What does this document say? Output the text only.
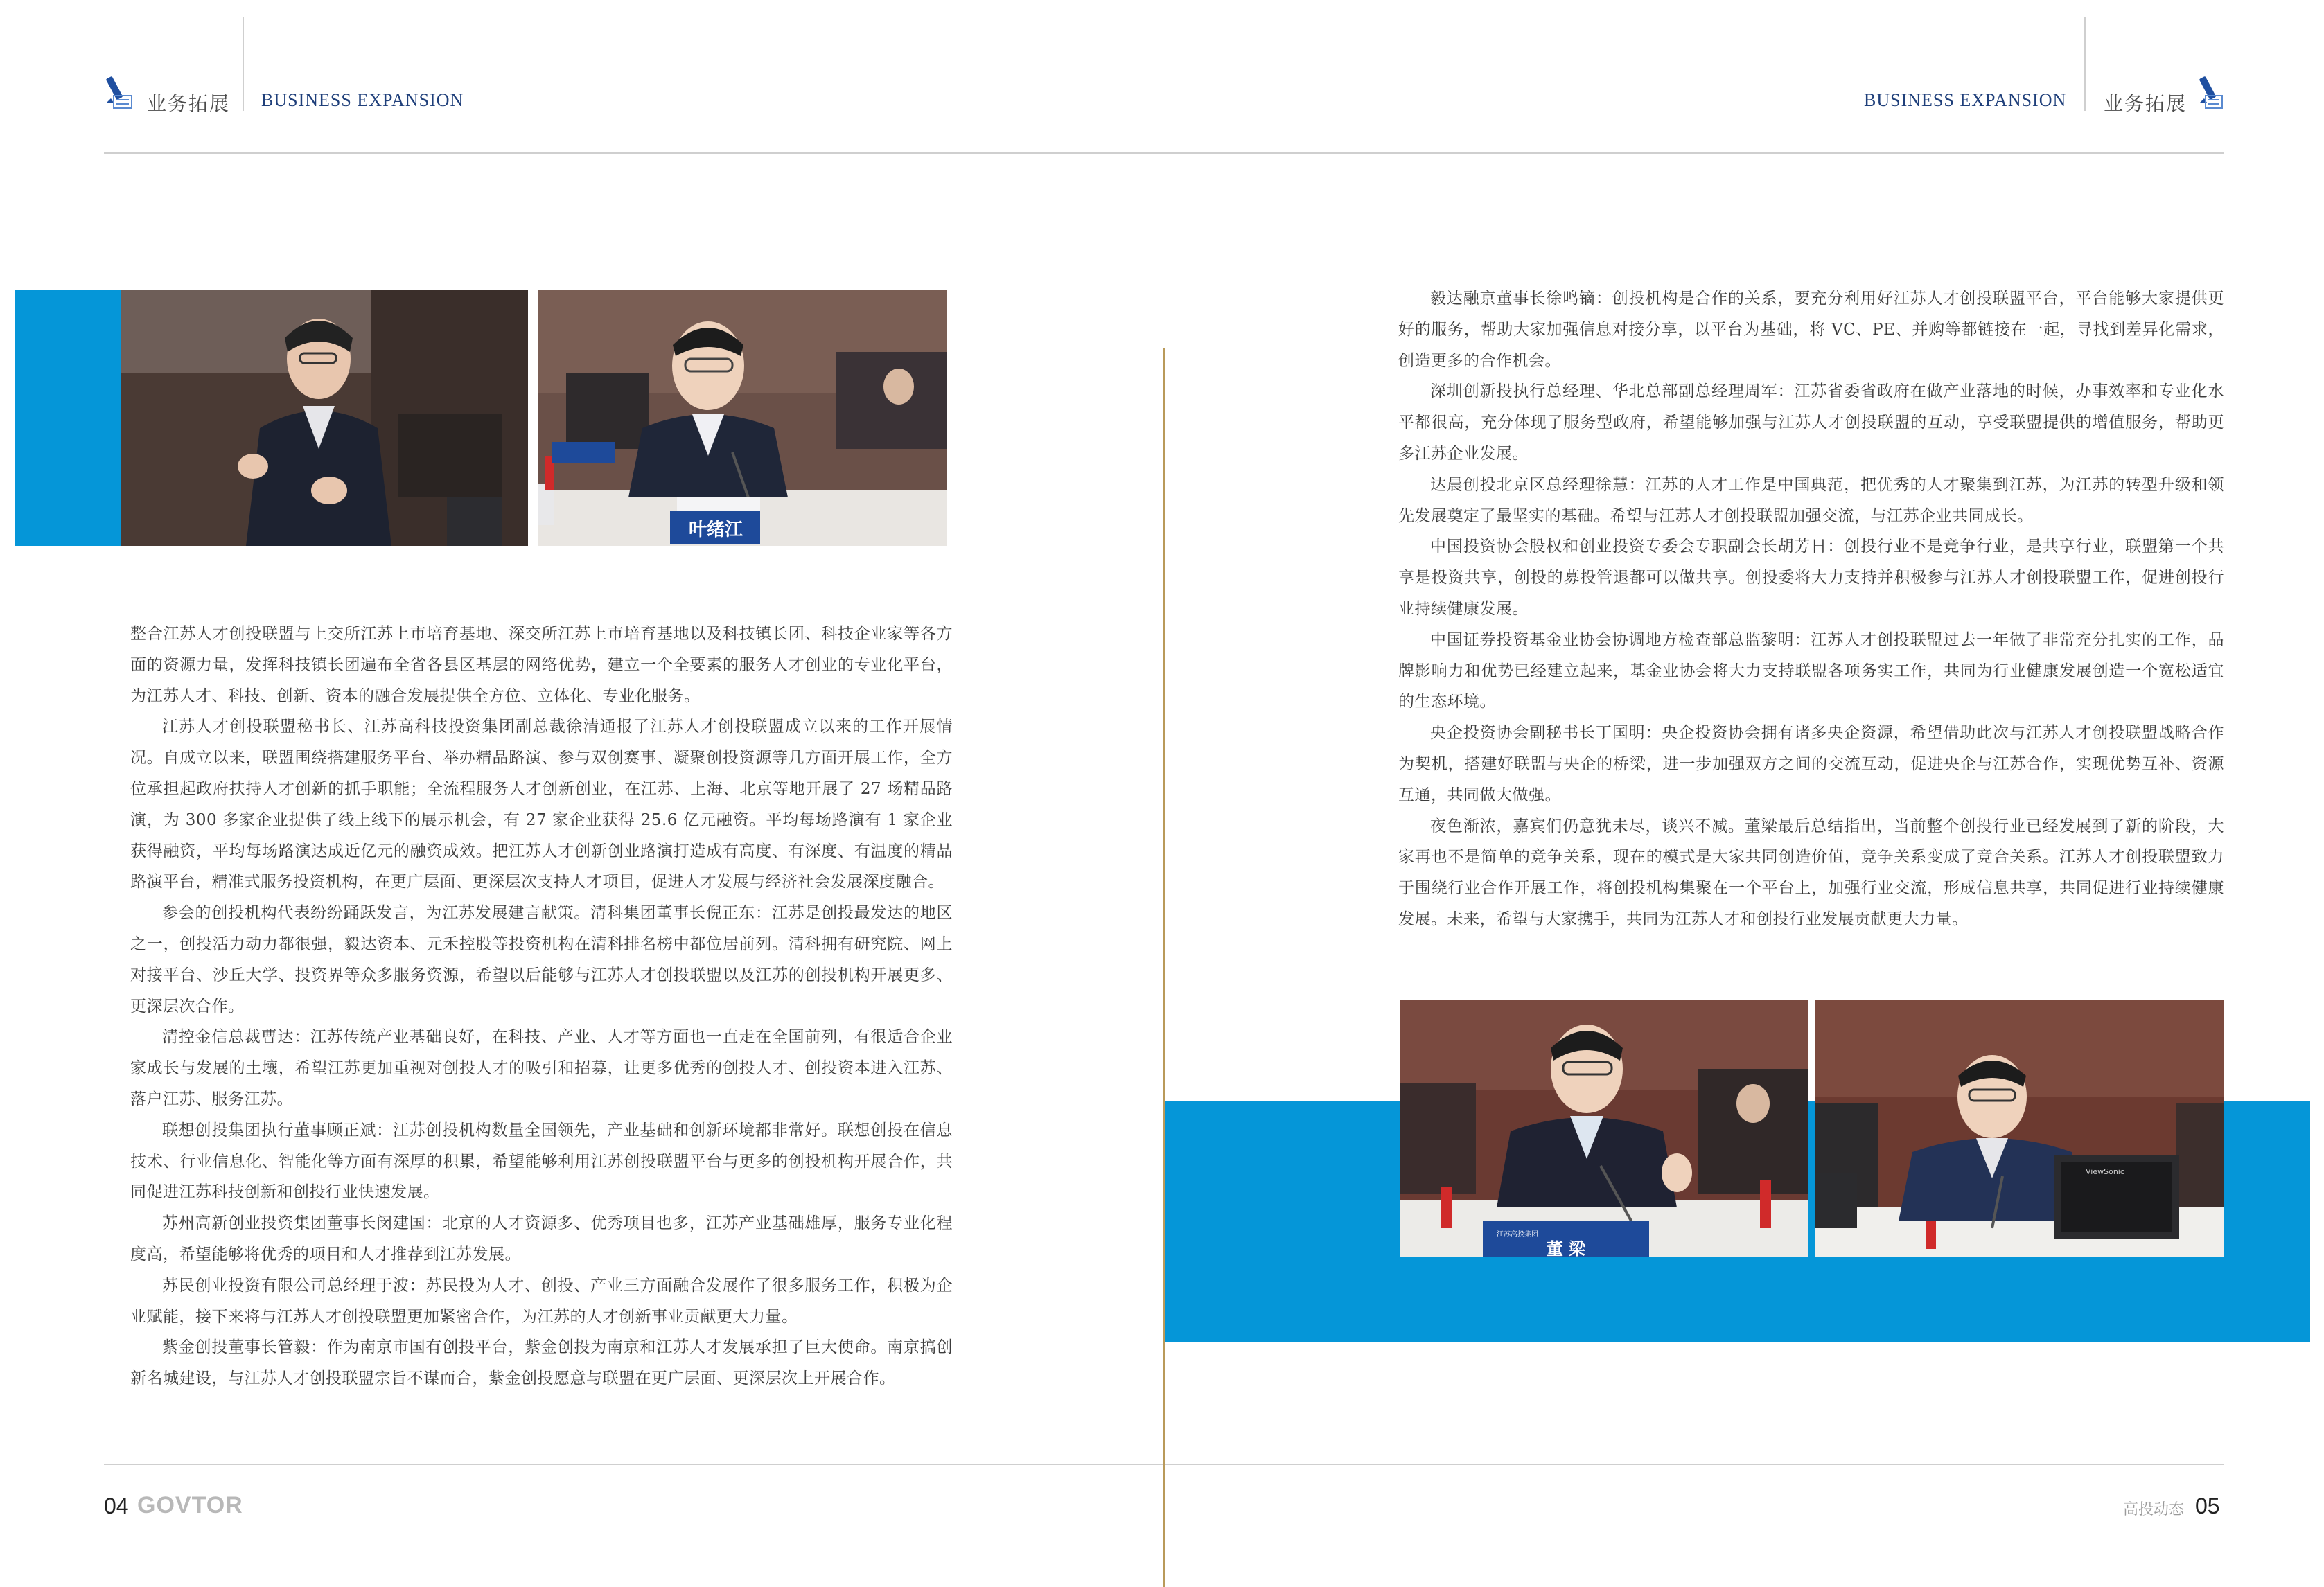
业务拓展 BUSINESS EXPANSION	BUSINESS EXPANSION 业务拓展
叶绪江

整合江苏人才创投联盟与上交所江苏上市培育基地、深交所江苏上市培育基地以及科技镇长团、科技企业家等各方面的资源力量，发挥科技镇长团遍布全省各县区基层的网络优势，建立一个全要素的服务人才创业的专业化平台，为江苏人才、科技、创新、资本的融合发展提供全方位、立体化、专业化服务。

江苏人才创投联盟秘书长、江苏高科技投资集团副总裁徐清通报了江苏人才创投联盟成立以来的工作开展情况。自成立以来，联盟围绕搭建服务平台、举办精品路演、参与双创赛事、凝聚创投资源等几方面开展工作，全方位承担起政府扶持人才创新的抓手职能；全流程服务人才创新创业，在江苏、上海、北京等地开展了 27 场精品路演，为 300 多家企业提供了线上线下的展示机会，有 27 家企业获得 25.6 亿元融资。平均每场路演有 1 家企业获得融资，平均每场路演达成近亿元的融资成效。把江苏人才创新创业路演打造成有高度、有深度、有温度的精品路演平台，精准式服务投资机构，在更广层面、更深层次支持人才项目，促进人才发展与经济社会发展深度融合。

参会的创投机构代表纷纷踊跃发言，为江苏发展建言献策。清科集团董事长倪正东：江苏是创投最发达的地区之一，创投活力动力都很强，毅达资本、元禾控股等投资机构在清科排名榜中都位居前列。清科拥有研究院、网上对接平台、沙丘大学、投资界等众多服务资源，希望以后能够与江苏人才创投联盟以及江苏的创投机构开展更多、更深层次合作。

清控金信总裁曹达：江苏传统产业基础良好，在科技、产业、人才等方面也一直走在全国前列，有很适合企业家成长与发展的土壤，希望江苏更加重视对创投人才的吸引和招募，让更多优秀的创投人才、创投资本进入江苏、落户江苏、服务江苏。

联想创投集团执行董事顾正斌：江苏创投机构数量全国领先，产业基础和创新环境都非常好。联想创投在信息技术、行业信息化、智能化等方面有深厚的积累，希望能够利用江苏创投联盟平台与更多的创投机构开展合作，共同促进江苏科技创新和创投行业快速发展。

苏州高新创业投资集团董事长闵建国：北京的人才资源多、优秀项目也多，江苏产业基础雄厚，服务专业化程度高，希望能够将优秀的项目和人才推荐到江苏发展。

苏民创业投资有限公司总经理于波：苏民投为人才、创投、产业三方面融合发展作了很多服务工作，积极为企业赋能，接下来将与江苏人才创投联盟更加紧密合作，为江苏的人才创新事业贡献更大力量。

紫金创投董事长管毅：作为南京市国有创投平台，紫金创投为南京和江苏人才发展承担了巨大使命。南京搞创新名城建设，与江苏人才创投联盟宗旨不谋而合，紫金创投愿意与联盟在更广层面、更深层次上开展合作。

毅达融京董事长徐鸣镝：创投机构是合作的关系，要充分利用好江苏人才创投联盟平台，平台能够大家提供更好的服务，帮助大家加强信息对接分享，以平台为基础，将 VC、PE、并购等都链接在一起，寻找到差异化需求，创造更多的合作机会。

深圳创新投执行总经理、华北总部副总经理周军：江苏省委省政府在做产业落地的时候，办事效率和专业化水平都很高，充分体现了服务型政府，希望能够加强与江苏人才创投联盟的互动，享受联盟提供的增值服务，帮助更多江苏企业发展。

达晨创投北京区总经理徐慧：江苏的人才工作是中国典范，把优秀的人才聚集到江苏，为江苏的转型升级和领先发展奠定了最坚实的基础。希望与江苏人才创投联盟加强交流，与江苏企业共同成长。

中国投资协会股权和创业投资专委会专职副会长胡芳日：创投行业不是竞争行业，是共享行业，联盟第一个共享是投资共享，创投的募投管退都可以做共享。创投委将大力支持并积极参与江苏人才创投联盟工作，促进创投行业持续健康发展。

中国证券投资基金业协会协调地方检查部总监黎明：江苏人才创投联盟过去一年做了非常充分扎实的工作，品牌影响力和优势已经建立起来，基金业协会将大力支持联盟各项务实工作，共同为行业健康发展创造一个宽松适宜的生态环境。

央企投资协会副秘书长丁国明：央企投资协会拥有诸多央企资源，希望借助此次与江苏人才创投联盟战略合作为契机，搭建好联盟与央企的桥梁，进一步加强双方之间的交流互动，促进央企与江苏合作，实现优势互补、资源互通，共同做大做强。

夜色渐浓，嘉宾们仍意犹未尽，谈兴不减。董梁最后总结指出，当前整个创投行业已经发展到了新的阶段，大家再也不是简单的竞争关系，现在的模式是大家共同创造价值，竞争关系变成了竞合关系。江苏人才创投联盟致力于围绕行业合作开展工作，将创投机构集聚在一个平台上，加强行业交流，形成信息共享，共同促进行业持续健康发展。未来，希望与大家携手，共同为江苏人才和创投行业发展贡献更大力量。

江苏高投集团
董 梁
ViewSonic
04 GOVTOR	高投动态 05
